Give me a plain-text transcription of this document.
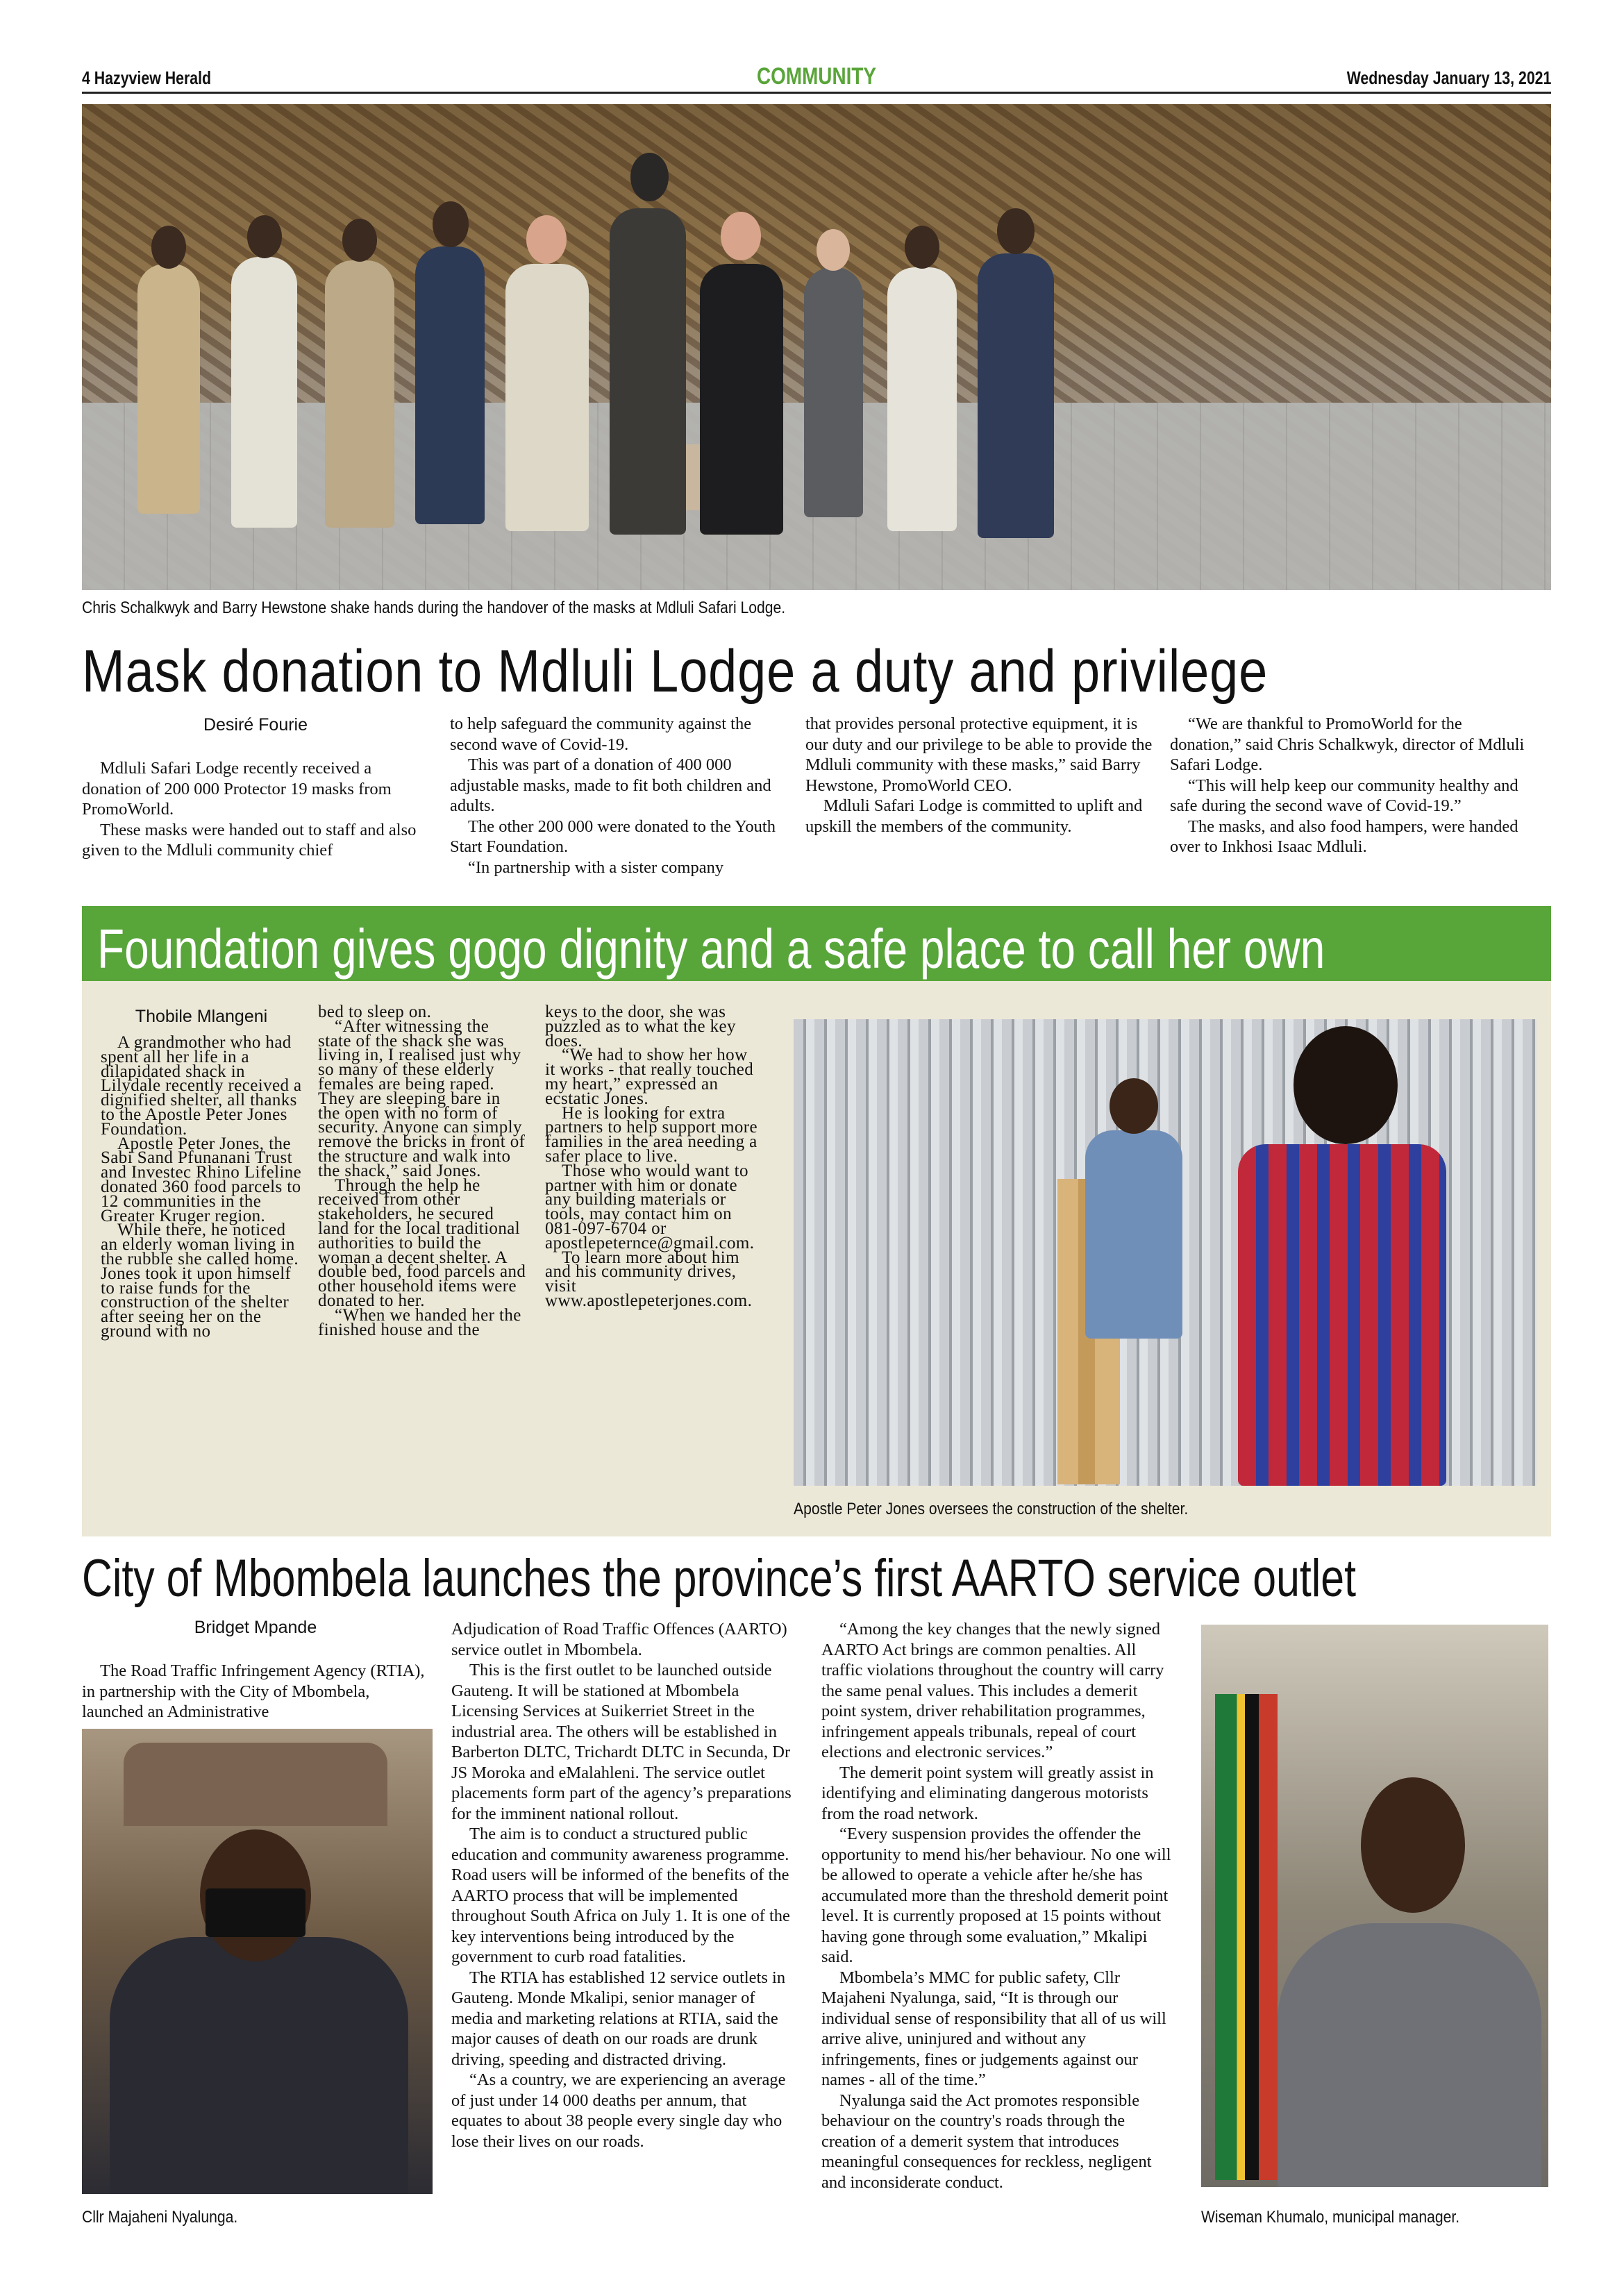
4 Hazyview Herald	COMMUNITY	Wednesday January 13, 2021
Chris Schalkwyk and Barry Hewstone shake hands during the handover of the masks at Mdluli Safari Lodge.
Mask donation to Mdluli Lodge a duty and privilege
Desiré Fourie

Mdluli Safari Lodge recently received a donation of 200 000 Protector 19 masks from PromoWorld.

These masks were handed out to staff and also given to the Mdluli community chief

to help safeguard the community against the second wave of Covid-19.

This was part of a donation of 400 000 adjustable masks, made to fit both children and adults.

The other 200 000 were donated to the Youth Start Foundation.

“In partnership with a sister company

that provides personal protective equipment, it is our duty and our privilege to be able to provide the Mdluli community with these masks,” said Barry Hewstone, PromoWorld CEO.

Mdluli Safari Lodge is committed to uplift and upskill the members of the community.

“We are thankful to PromoWorld for the donation,” said Chris Schalkwyk, director of Mdluli Safari Lodge.

“This will help keep our community healthy and safe during the second wave of Covid-19.”

The masks, and also food hampers, were handed over to Inkhosi Isaac Mdluli.

Foundation gives gogo dignity and a safe place to call her own
Thobile Mlangeni

A grandmother who had spent all her life in a dilapidated shack in Lilydale recently received a dignified shelter, all thanks to the Apostle Peter Jones Foundation.

Apostle Peter Jones, the Sabi Sand Pfunanani Trust and Investec Rhino Lifeline donated 360 food parcels to 12 communities in the Greater Kruger region.

While there, he noticed an elderly woman living in the rubble she called home. Jones took it upon himself to raise funds for the construction of the shelter after seeing her on the ground with no

bed to sleep on.

“After witnessing the state of the shack she was living in, I realised just why so many of these elderly females are being raped. They are sleeping bare in the open with no form of security. Anyone can simply remove the bricks in front of the structure and walk into the shack,” said Jones.

Through the help he received from other stakeholders, he secured land for the local traditional authorities to build the woman a decent shelter. A double bed, food parcels and other household items were donated to her.

“When we handed her the finished house and the

keys to the door, she was puzzled as to what the key does.

“We had to show her how it works - that really touched my heart,” expressed an ecstatic Jones.

He is looking for extra partners to help support more families in the area needing a safer place to live.

Those who would want to partner with him or donate any building materials or tools, may contact him on 081-097-6704 or apostlepeternce@gmail.com.

To learn more about him and his community drives, visit www.apostlepeterjones.com.

Apostle Peter Jones oversees the construction of the shelter.
City of Mbombela launches the province’s first AARTO service outlet
Bridget Mpande

The Road Traffic Infringement Agency (RTIA), in partnership with the City of Mbombela, launched an Administrative

Cllr Majaheni Nyalunga.

Adjudication of Road Traffic Offences (AARTO) service outlet in Mbombela.

This is the first outlet to be launched outside Gauteng. It will be stationed at Mbombela Licensing Services at Suikerriet Street in the industrial area. The others will be established in Barberton DLTC, Trichardt DLTC in Secunda, Dr JS Moroka and eMalahleni. The service outlet placements form part of the agency’s preparations for the imminent national rollout.

The aim is to conduct a structured public education and community awareness programme. Road users will be informed of the benefits of the AARTO process that will be implemented throughout South Africa on July 1. It is one of the key interventions being introduced by the government to curb road fatalities.

The RTIA has established 12 service outlets in Gauteng. Monde Mkalipi, senior manager of media and marketing relations at RTIA, said the major causes of death on our roads are drunk driving, speeding and distracted driving.

“As a country, we are experiencing an average of just under 14 000 deaths per annum, that equates to about 38 people every single day who lose their lives on our roads.

“Among the key changes that the newly signed AARTO Act brings are common penalties. All traffic violations throughout the country will carry the same penal values. This includes a demerit point system, driver rehabilitation programmes, infringement appeals tribunals, repeal of court elections and electronic services.”

The demerit point system will greatly assist in identifying and eliminating dangerous motorists from the road network.

“Every suspension provides the offender the opportunity to mend his/her behaviour. No one will be allowed to operate a vehicle after he/she has accumulated more than the threshold demerit point level. It is currently proposed at 15 points without having gone through some evaluation,” Mkalipi said.

Mbombela’s MMC for public safety, Cllr Majaheni Nyalunga, said, “It is through our individual sense of responsibility that all of us will arrive alive, uninjured and without any infringements, fines or judgements against our names - all of the time.”

Nyalunga said the Act promotes responsible behaviour on the country's roads through the creation of a demerit system that introduces meaningful consequences for reckless, negligent and inconsiderate conduct.

Wiseman Khumalo, municipal manager.
